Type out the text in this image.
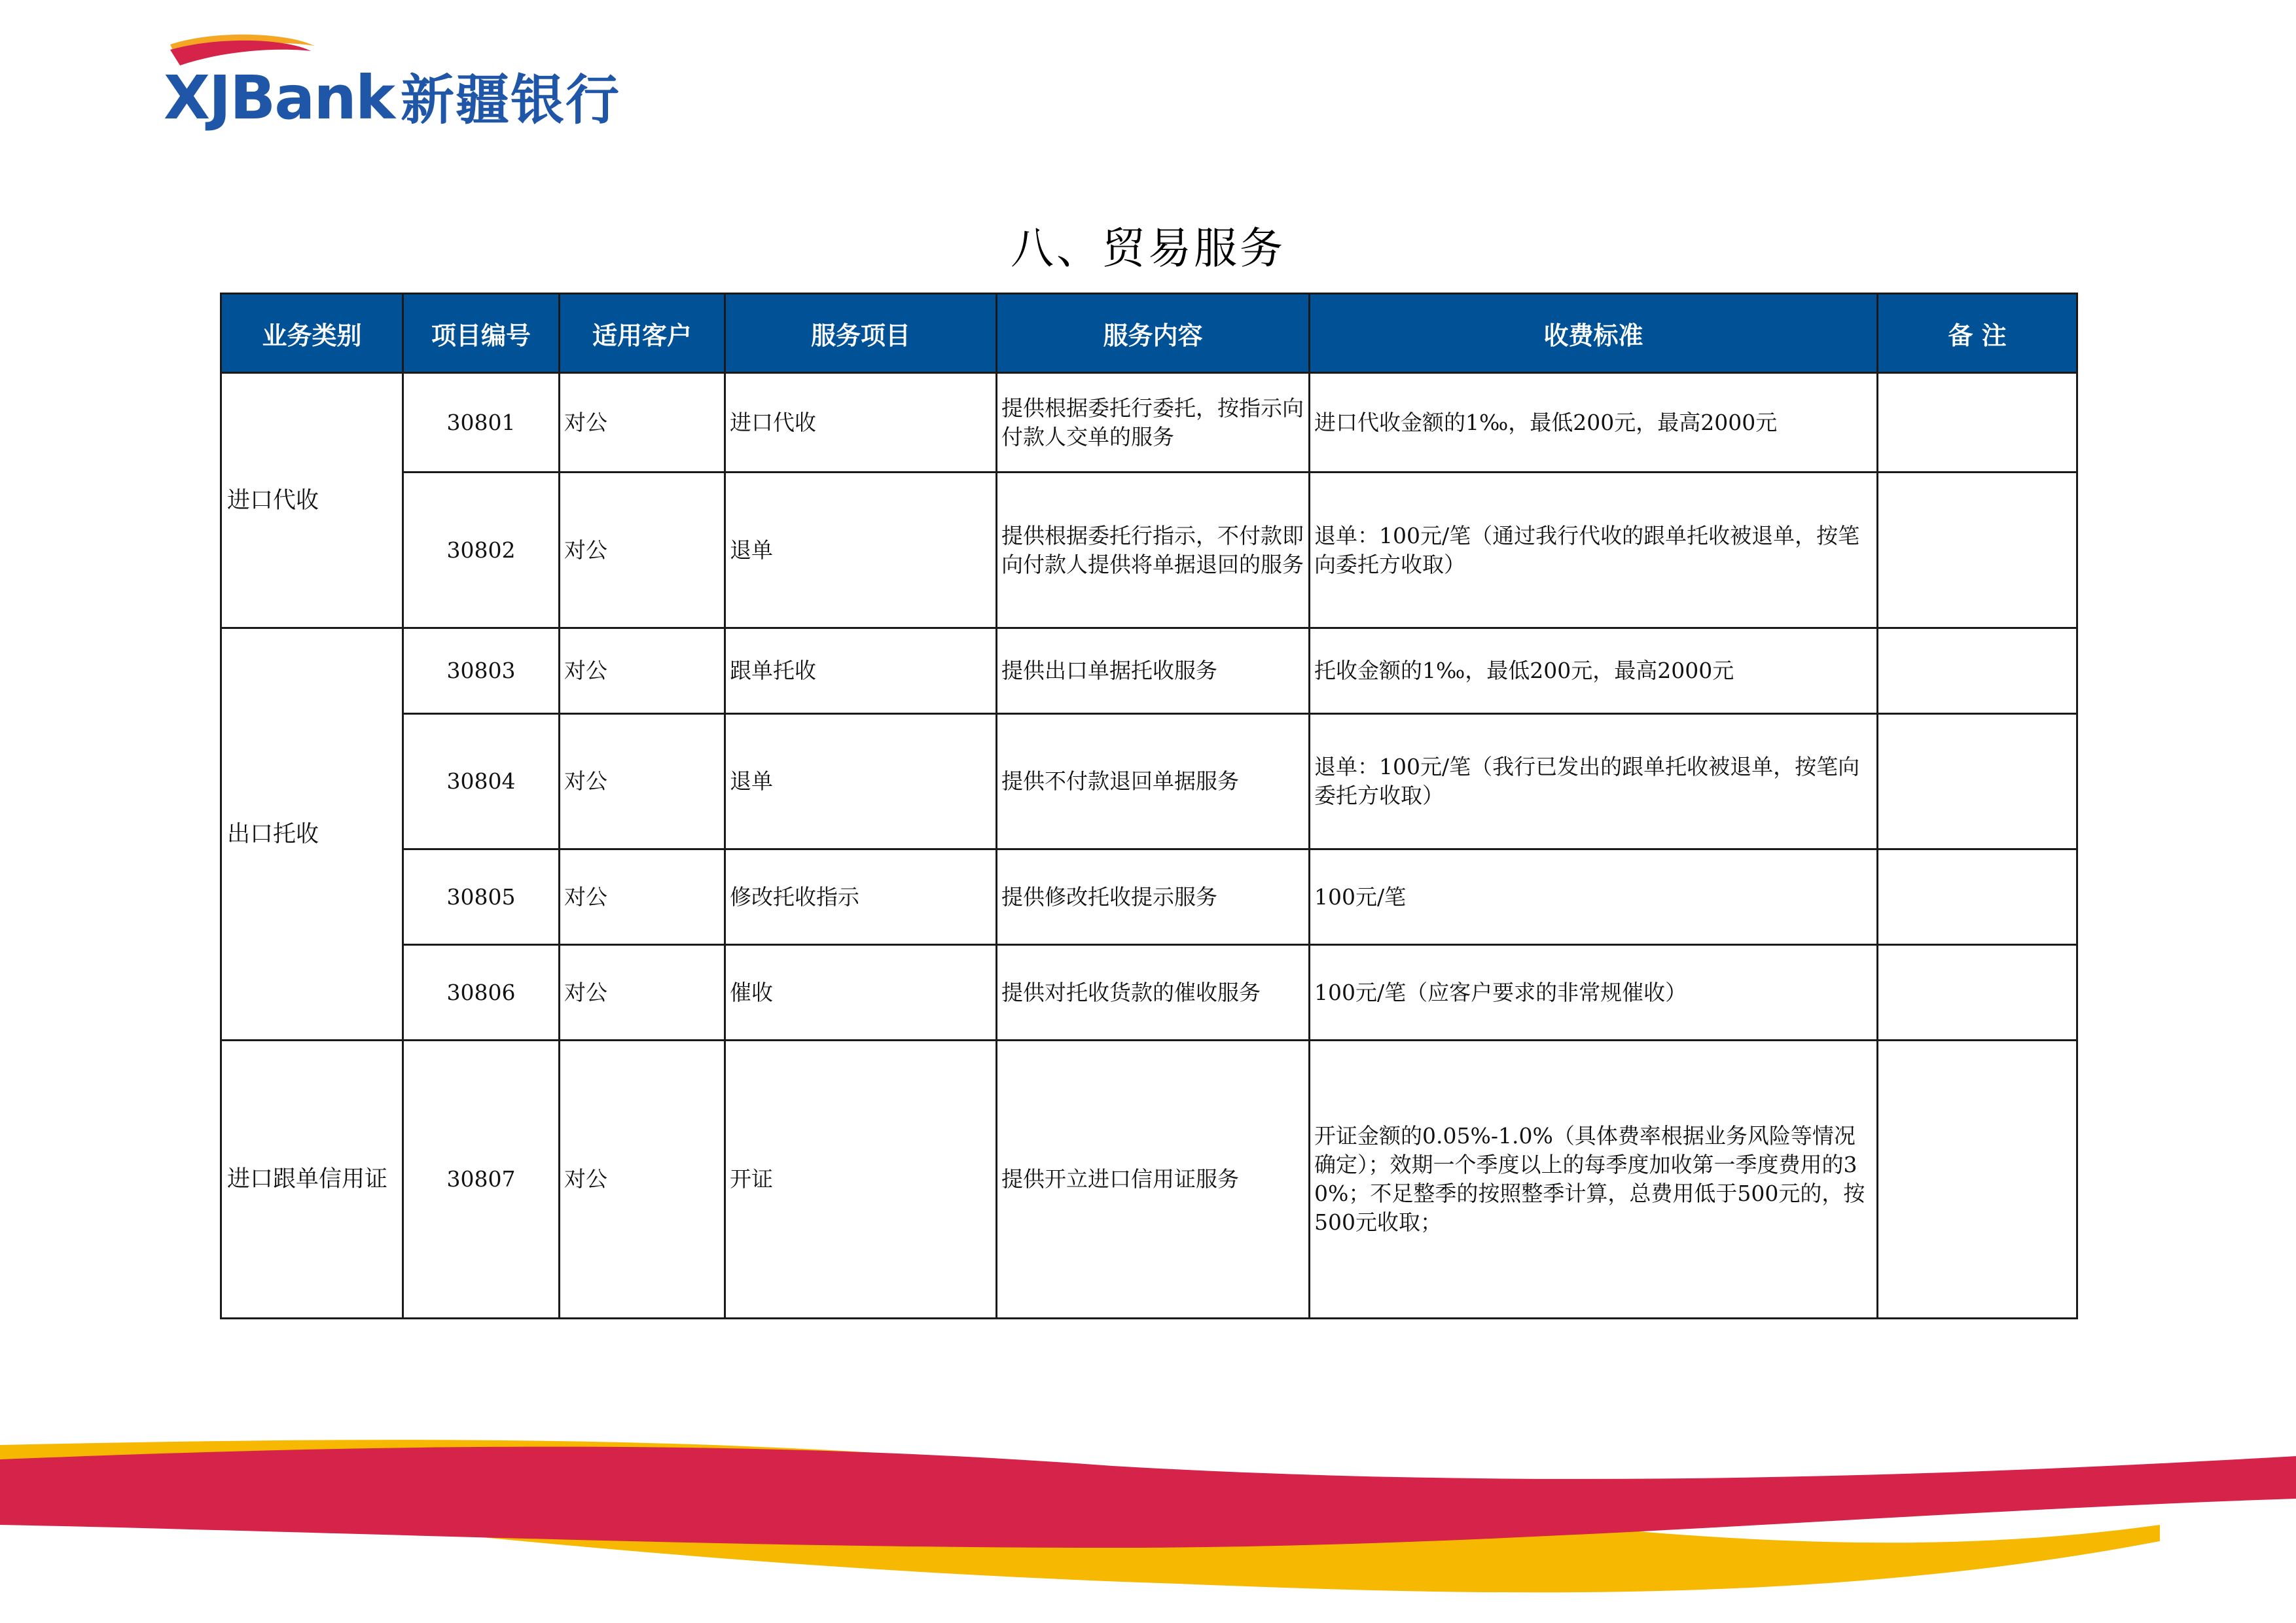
XJBank 新疆银行
八、贸易服务
业务类别	项目编号	适用客户	服务项目	服务内容	收费标准	备 注
进口代收	30801	对公	进口代收	提供根据委托行委托，按指示向付款人交单的服务	进口代收金额的1‰，最低200元，最高2000元	
	30802	对公	退单	提供根据委托行指示，不付款即向付款人提供将单据退回的服务	退单：100元/笔（通过我行代收的跟单托收被退单，按笔向委托方收取）	
出口托收	30803	对公	跟单托收	提供出口单据托收服务	托收金额的1‰，最低200元，最高2000元	
	30804	对公	退单	提供不付款退回单据服务	退单：100元/笔（我行已发出的跟单托收被退单，按笔向委托方收取）	
	30805	对公	修改托收指示	提供修改托收提示服务	100元/笔	
	30806	对公	催收	提供对托收货款的催收服务	100元/笔（应客户要求的非常规催收）	
进口跟单信用证	30807	对公	开证	提供开立进口信用证服务	开证金额的0.05%-1.0%（具体费率根据业务风险等情况确定）；效期一个季度以上的每季度加收第一季度费用的30%；不足整季的按照整季计算，总费用低于500元的，按500元收取；	
